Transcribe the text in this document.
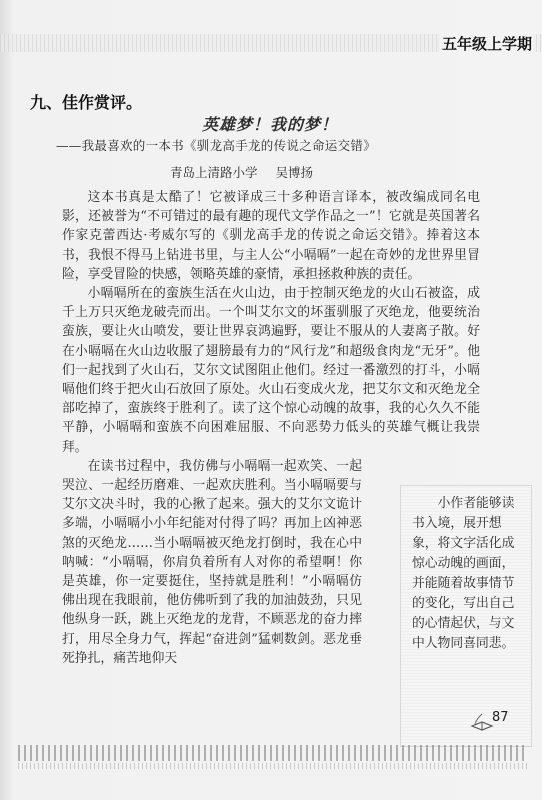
五年级上学期
九、佳作赏评。
英雄梦！我的梦！
——我最喜欢的一本书《驯龙高手龙的传说之命运交错》
青岛上清路小学 吴博扬

这本书真是太酷了！它被译成三十多种语言译本，被改编成同名电影，还被誉为“不可错过的最有趣的现代文学作品之一”！它就是英国著名作家克蕾西达·考威尔写的《驯龙高手龙的传说之命运交错》。捧着这本书，我恨不得马上钻进书里，与主人公“小嗝嗝”一起在奇妙的龙世界里冒险，享受冒险的快感，领略英雄的豪情，承担拯救种族的责任。

小嗝嗝所在的蛮族生活在火山边，由于控制灭绝龙的火山石被盗，成千上万只灭绝龙破壳而出。一个叫艾尔文的坏蛋驯服了灭绝龙，他要统治蛮族，要让火山喷发，要让世界哀鸿遍野，要让不服从的人妻离子散。好在小嗝嗝在火山边收服了翅膀最有力的“风行龙”和超级食肉龙“无牙”。他们一起找到了火山石，艾尔文试图阻止他们。经过一番激烈的打斗，小嗝嗝他们终于把火山石放回了原处。火山石变成火龙，把艾尔文和灭绝龙全部吃掉了，蛮族终于胜利了。读了这个惊心动魄的故事，我的心久久不能平静，小嗝嗝和蛮族不向困难屈服、不向恶势力低头的英雄气概让我崇拜。

在读书过程中，我仿佛与小嗝嗝一起欢笑、一起哭泣、一起经历磨难、一起欢庆胜利。当小嗝嗝要与艾尔文决斗时，我的心揪了起来。强大的艾尔文诡计多端，小嗝嗝小小年纪能对付得了吗？再加上凶神恶煞的灭绝龙……当小嗝嗝被灭绝龙打倒时，我在心中呐喊：“小嗝嗝，你肩负着所有人对你的希望啊！你是英雄，你一定要挺住，坚持就是胜利！”小嗝嗝仿佛出现在我眼前，他仿佛听到了我的加油鼓劲，只见他纵身一跃，跳上灭绝龙的龙背，不顾恶龙的奋力摔打，用尽全身力气，挥起“奋进剑”猛刺数剑。恶龙垂死挣扎，痛苦地仰天

小作者能够读书入境，展开想象，将文字活化成惊心动魄的画面，并能随着故事情节的变化，写出自己的心情起伏，与文中人物同喜同悲。
87
